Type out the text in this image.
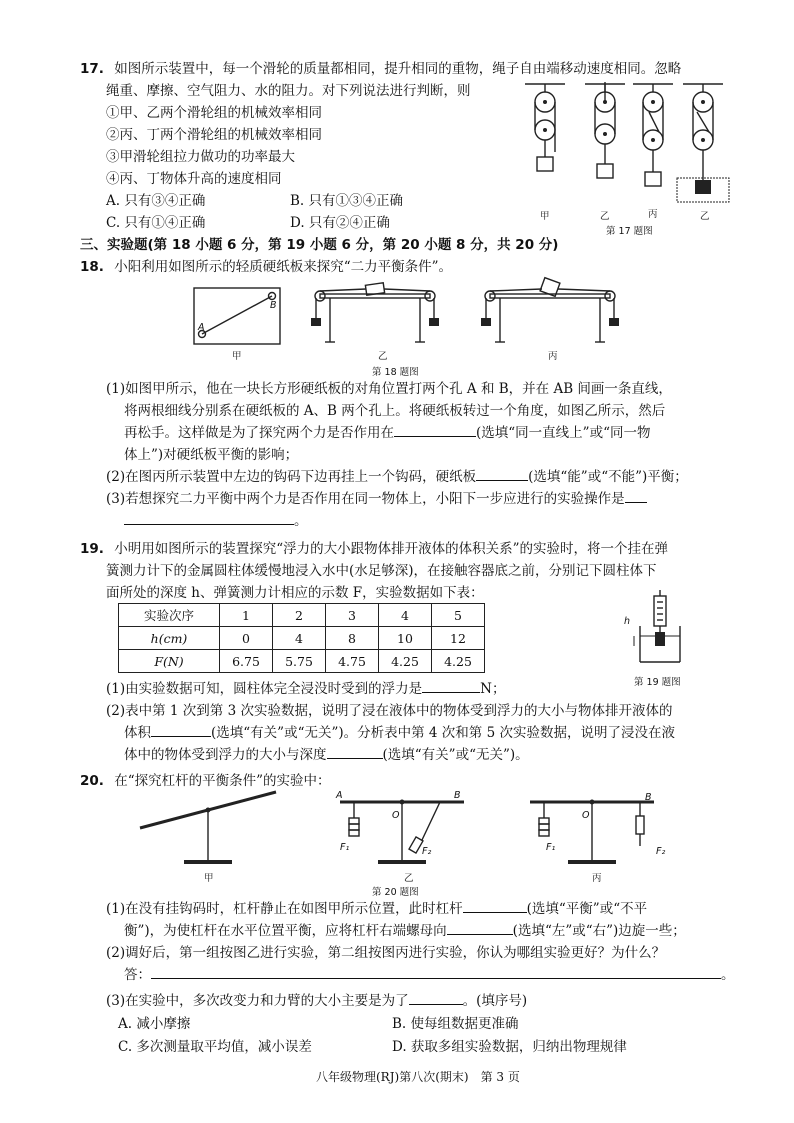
17. 如图所示装置中，每一个滑轮的质量都相同，提升相同的重物，绳子自由端移动速度相同。忽略
绳重、摩擦、空气阻力、水的阻力。对下列说法进行判断，则
①甲、乙两个滑轮组的机械效率相同
②丙、丁两个滑轮组的机械效率相同
③甲滑轮组拉力做功的功率最大
④丙、丁物体升高的速度相同
A. 只有③④正确	B. 只有①③④正确
C. 只有①④正确	D. 只有②④正确	甲	乙	丙	乙
第 17 题图
三、实验题(第 18 小题 6 分，第 19 小题 6 分，第 20 小题 8 分，共 20 分)
18. 小阳利用如图所示的轻质硬纸板来探究“二力平衡条件”。
A
B
甲	乙	丙
第 18 题图
(1)如图甲所示，他在一块长方形硬纸板的对角位置打两个孔 A 和 B，并在 AB 间画一条直线，
将两根细线分别系在硬纸板的 A、B 两个孔上。将硬纸板转过一个角度，如图乙所示，然后
再松手。这样做是为了探究两个力是否作用在	(选填“同一直线上”或“同一物
体上”)对硬纸板平衡的影响；
(2)在图丙所示装置中左边的钩码下边再挂上一个钩码，硬纸板	(选填“能”或“不能”)平衡；
(3)若想探究二力平衡中两个力是否作用在同一物体上，小阳下一步应进行的实验操作是
。
19. 小明用如图所示的装置探究“浮力的大小跟物体排开液体的体积关系”的实验时，将一个挂在弹
簧测力计下的金属圆柱体缓慢地浸入水中(水足够深)，在接触容器底之前，分别记下圆柱体下
面所处的深度 h、弹簧测力计相应的示数 F，实验数据如下表：
实验次序	1	2	3	4	5
h(cm)	0	4	8	10	12
F(N)	6.75	5.75	4.75	4.25	4.25
h
第 19 题图
(1)由实验数据可知，圆柱体完全浸没时受到的浮力是	N；
(2)表中第 1 次到第 3 次实验数据，说明了浸在液体中的物体受到浮力的大小与物体排开液体的
体积	(选填“有关”或“无关”)。分析表中第 4 次和第 5 次实验数据，说明了浸没在液
体中的物体受到浮力的大小与深度	(选填“有关”或“无关”)。
20. 在“探究杠杆的平衡条件”的实验中：
A	B
O
F₁	F₂
O
B
F₁	F₂
甲	乙	丙
第 20 题图
(1)在没有挂钩码时，杠杆静止在如图甲所示位置，此时杠杆	(选填“平衡”或“不平
衡”)，为使杠杆在水平位置平衡，应将杠杆右端螺母向	(选填“左”或“右”)边旋一些；
(2)调好后，第一组按图乙进行实验，第二组按图丙进行实验，你认为哪组实验更好？为什么？
答：	。
(3)在实验中，多次改变力和力臂的大小主要是为了	。(填序号)
A. 减小摩擦	B. 使每组数据更准确
C. 多次测量取平均值，减小误差	D. 获取多组实验数据，归纳出物理规律
八年级物理(RJ)第八次(期末)　第 3 页
